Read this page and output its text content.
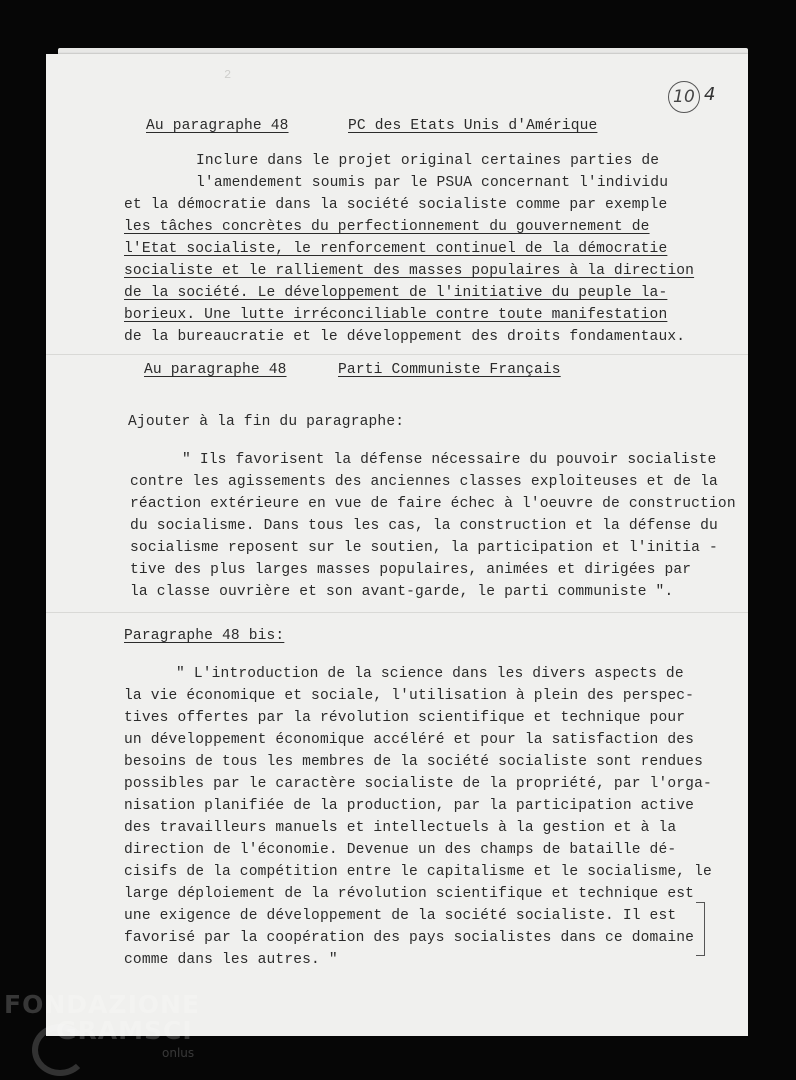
2
10 4
Au paragraphe 48	PC des Etats Unis d'Amérique
Inclure dans le projet original certaines parties de
l'amendement soumis par le PSUA concernant l'individu
et la démocratie dans la société socialiste comme par exemple
les tâches concrètes du perfectionnement du gouvernement de
l'Etat socialiste, le renforcement continuel de la démocratie
socialiste et le ralliement des masses populaires à la direction
de la société. Le développement de l'initiative du peuple la-
borieux. Une lutte irréconciliable contre toute manifestation
de la bureaucratie et le développement des droits fondamentaux.
Au paragraphe 48	Parti Communiste Français
Ajouter à la fin du paragraphe:
" Ils favorisent la défense nécessaire du pouvoir socialiste
contre les agissements des anciennes classes exploiteuses et de la
réaction extérieure en vue de faire échec à l'oeuvre de construction
du socialisme. Dans tous les cas, la construction et la défense du
socialisme reposent sur le soutien, la participation et l'initia -
tive des plus larges masses populaires, animées et dirigées par
la classe ouvrière et son avant-garde, le parti communiste ".
Paragraphe 48 bis:
" L'introduction de la science dans les divers aspects de
la vie économique et sociale, l'utilisation à plein des perspec-
tives offertes par la révolution scientifique et technique pour
un développement économique accéléré et pour la satisfaction des
besoins de tous les membres de la société socialiste sont rendues
possibles par le caractère socialiste de la propriété, par l'orga-
nisation planifiée de la production, par la participation active
des travailleurs manuels et intellectuels à la gestion et à la
direction de l'économie. Devenue un des champs de bataille dé-
cisifs de la compétition entre le capitalisme et le socialisme, le
large déploiement de la révolution scientifique et technique est
une exigence de développement de la société socialiste. Il est
favorisé par la coopération des pays socialistes dans ce domaine
comme dans les autres. "
FONDAZIONE
GRAMSCI
onlus
